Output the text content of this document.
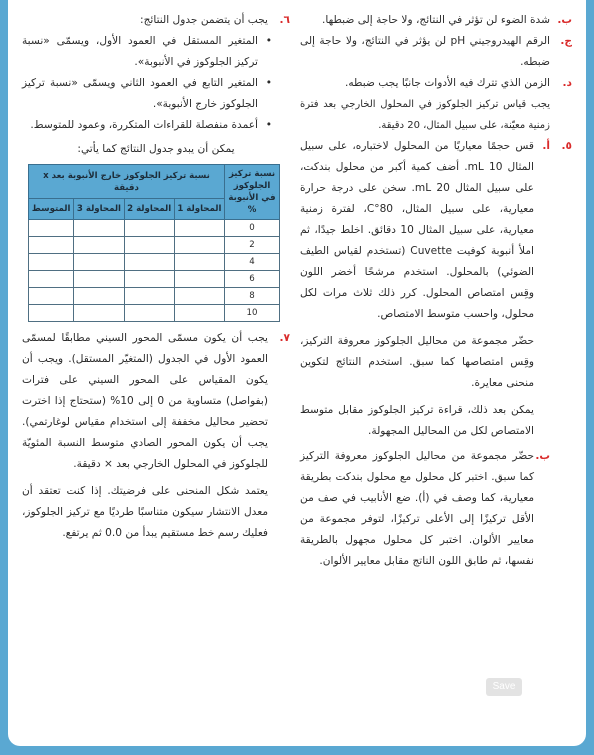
ب.

شدة الضوء لن تؤثر في النتائج، ولا حاجة إلى ضبطها.

ج.

الرقم الهيدروجيني pH لن يؤثر في النتائج، ولا حاجة إلى ضبطه.

د.

الزمن الذي تترك فيه الأدوات جانبًا يجب ضبطه.

يجب قياس تركيز الجلوكوز في المحلول الخارجي بعد فترة زمنية معيّنة، على سبيل المثال، 20 دقيقة.

٥.
أ.

قس حجمًا معياريًا من المحلول لاختباره، على سبيل المثال 10 mL. أضف كمية أكبر من محلول بندكت، على سبيل المثال 20 mL. سخن على درجة حرارة معيارية، على سبيل المثال، 80°C، لفترة زمنية معيارية، على سبيل المثال 10 دقائق. اخلط جيدًا، ثم املأ أنبوبة كوفيت Cuvette (تستخدم لقياس الطيف الضوئي) بالمحلول. استخدم مرشحًا أخضر اللون وقِس امتصاص المحلول. كرر ذلك ثلاث مرات لكل محلول، واحسب متوسط الامتصاص.

حضّر مجموعة من محاليل الجلوكوز معروفة التركيز، وقِس امتصاصها كما سبق. استخدم النتائج لتكوين منحنى معايرة.

يمكن بعد ذلك، قراءة تركيز الجلوكوز مقابل متوسط الامتصاص لكل من المحاليل المجهولة.

ب.

حضّر مجموعة من محاليل الجلوكوز معروفة التركيز كما سبق. اختبر كل محلول مع محلول بندكت بطريقة معيارية، كما وصف في (أ). ضع الأنابيب في صف من الأقل تركيزًا إلى الأعلى تركيزًا، لتوفر مجموعة من معايير الألوان. اختبر كل محلول مجهول بالطريقة نفسها، ثم طابق اللون الناتج مقابل معايير الألوان.

٦.

يجب أن يتضمن جدول النتائج:

• المتغير المستقل في العمود الأول، ويسمّى «نسبة تركيز الجلوكوز في الأنبوبة».
• المتغير التابع في العمود الثاني ويسمّى «نسبة تركيز الجلوكوز خارج الأنبوبة».
• أعمدة منفصلة للقراءات المتكررة، وعمود للمتوسط.

يمكن أن يبدو جدول النتائج كما يأتي:

نسبة تركيز الجلوكوز في الأنبوبة %	نسبة تركيز الجلوكوز خارج الأنبوبة بعد x دقيقة			
	المحاولة 1	المحاولة 2	المحاولة 3	المتوسط
0				
2				
4				
6				
8				
10				
٧.

يجب أن يكون مسمّى المحور السيني مطابقًا لمسمّى العمود الأول في الجدول (المتغيّر المستقل). ويجب أن يكون المقياس على المحور السيني على فترات (بفواصل) متساوية من 0 إلى 10% (ستحتاج إذا اخترت تحضير محاليل مخففة إلى استخدام مقياس لوغارتمي). يجب أن يكون المحور الصادي متوسط النسبة المئويّة للجلوكوز في المحلول الخارجي بعد × دقيقة.

يعتمد شكل المنحنى على فرضيتك. إذا كنت تعتقد أن معدل الانتشار سيكون متناسبًا طرديًا مع تركيز الجلوكوز، فعليك رسم خط مستقيم يبدأ من 0.0 ثم يرتفع.

Save
